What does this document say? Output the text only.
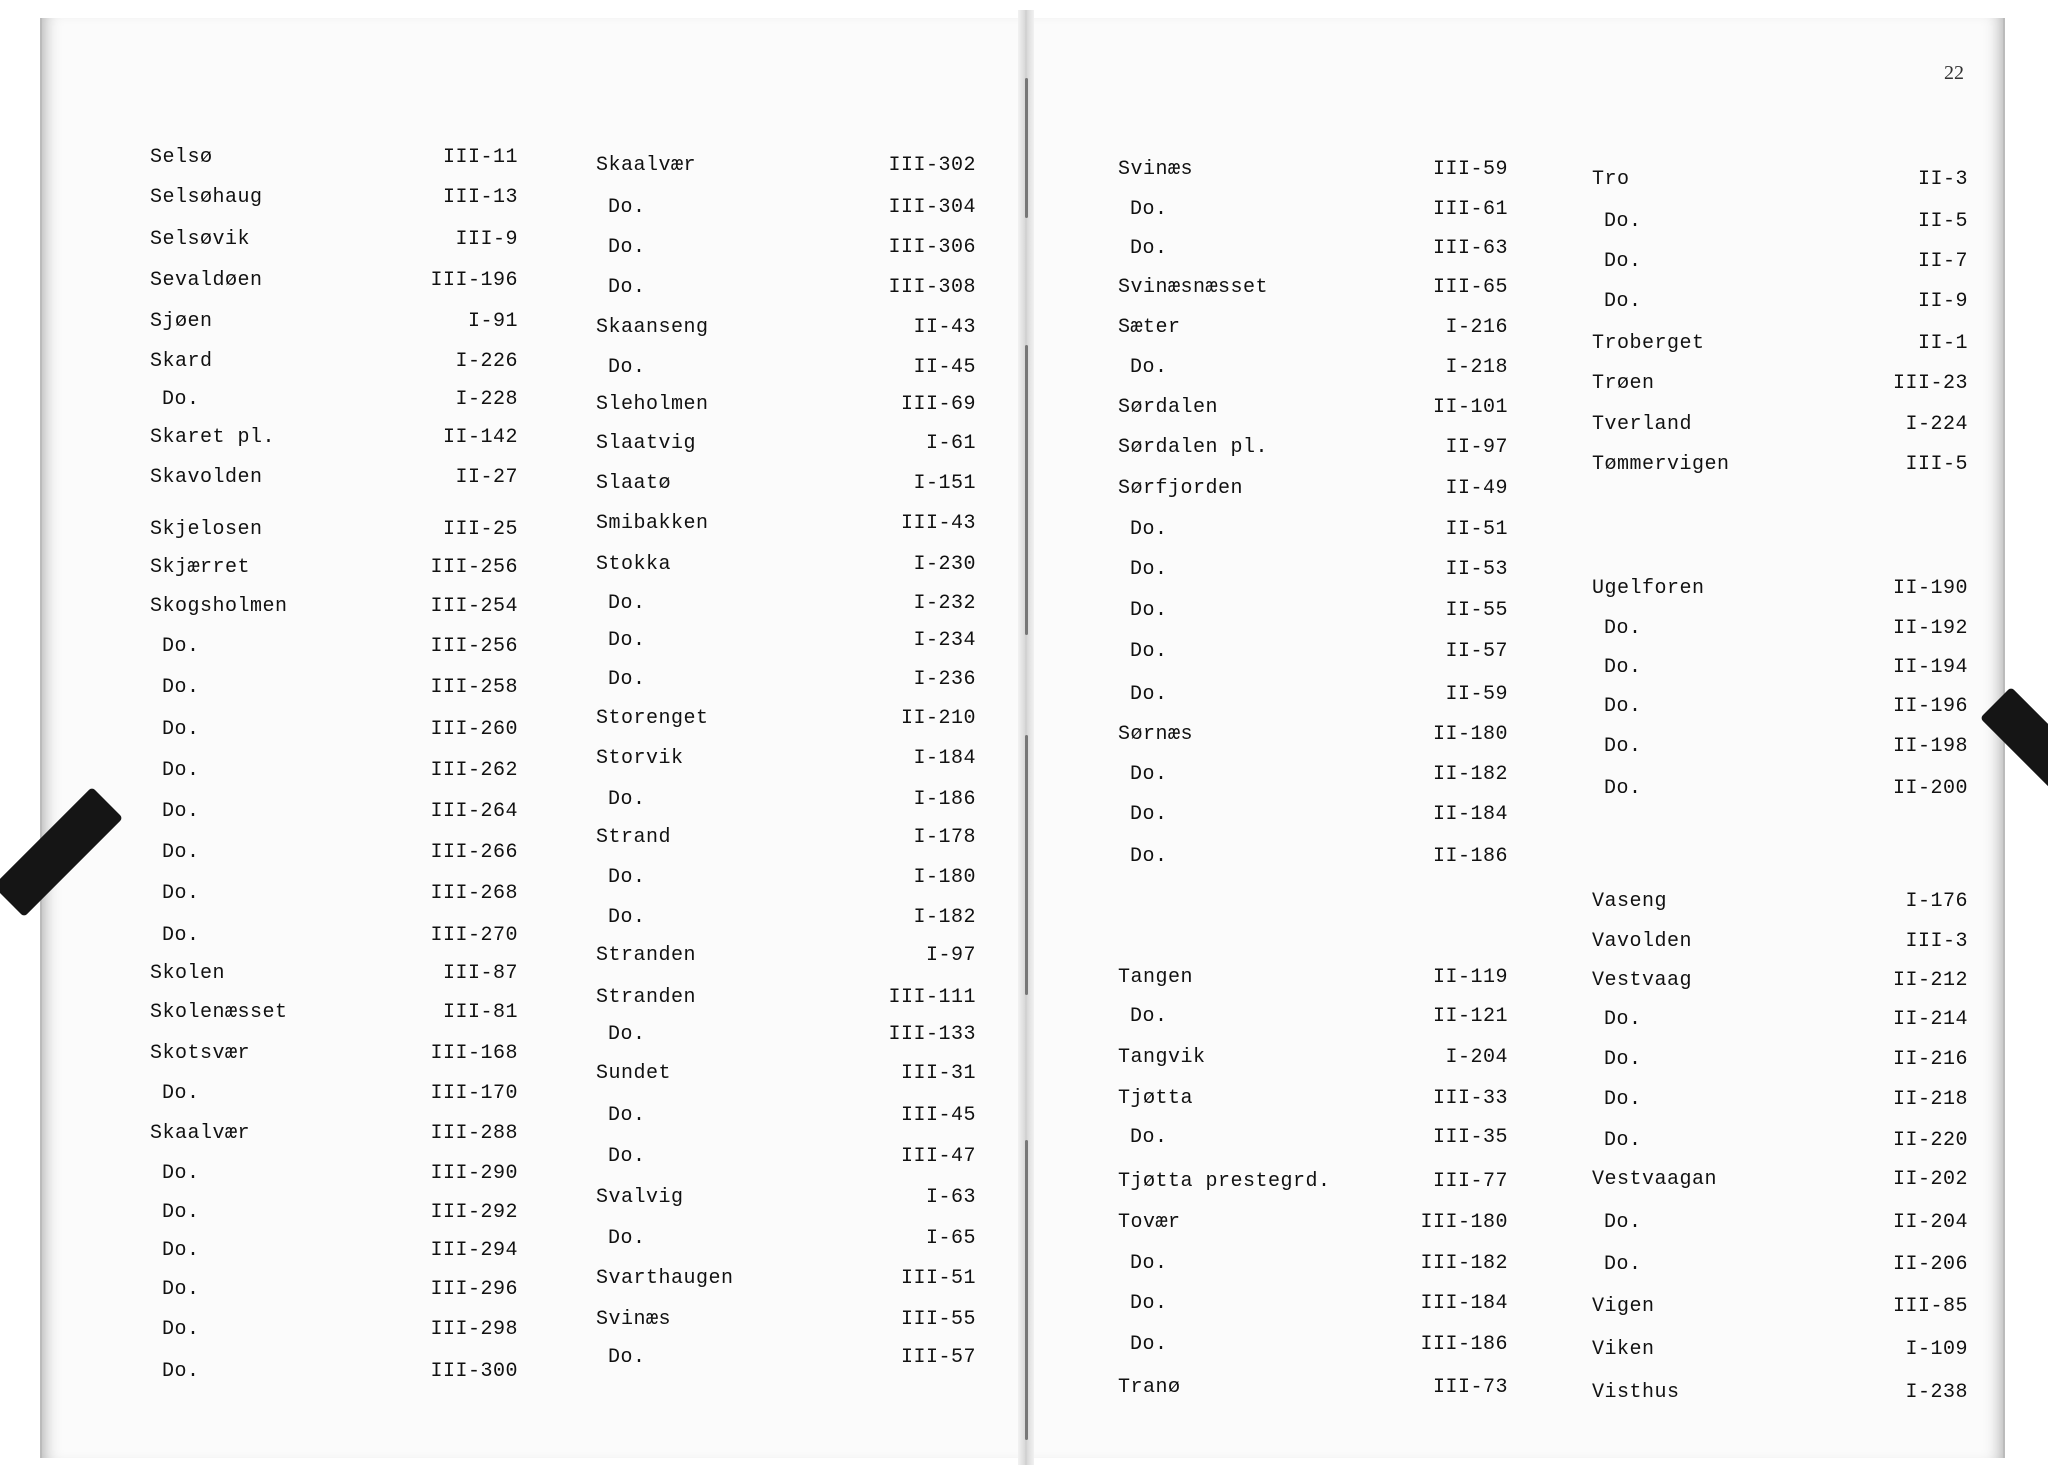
22
Selsø	III-11
Selsøhaug	III-13
Selsøvik	III-9
Sevaldøen	III-196
Sjøen	I-91
Skard	I-226
Do.	I-228
Skaret pl.	II-142
Skavolden	II-27
Skjelosen	III-25
Skjærret	III-256
Skogsholmen	III-254
Do.	III-256
Do.	III-258
Do.	III-260
Do.	III-262
Do.	III-264
Do.	III-266
Do.	III-268
Do.	III-270
Skolen	III-87
Skolenæsset	III-81
Skotsvær	III-168
Do.	III-170
Skaalvær	III-288
Do.	III-290
Do.	III-292
Do.	III-294
Do.	III-296
Do.	III-298
Do.	III-300
Skaalvær	III-302
Do.	III-304
Do.	III-306
Do.	III-308
Skaanseng	II-43
Do.	II-45
Sleholmen	III-69
Slaatvig	I-61
Slaatø	I-151
Smibakken	III-43
Stokka	I-230
Do.	I-232
Do.	I-234
Do.	I-236
Storenget	II-210
Storvik	I-184
Do.	I-186
Strand	I-178
Do.	I-180
Do.	I-182
Stranden	I-97
Stranden	III-111
Do.	III-133
Sundet	III-31
Do.	III-45
Do.	III-47
Svalvig	I-63
Do.	I-65
Svarthaugen	III-51
Svinæs	III-55
Do.	III-57
Svinæs	III-59
Do.	III-61
Do.	III-63
Svinæsnæsset	III-65
Sæter	I-216
Do.	I-218
Sørdalen	II-101
Sørdalen pl.	II-97
Sørfjorden	II-49
Do.	II-51
Do.	II-53
Do.	II-55
Do.	II-57
Do.	II-59
Sørnæs	II-180
Do.	II-182
Do.	II-184
Do.	II-186
Tangen	II-119
Do.	II-121
Tangvik	I-204
Tjøtta	III-33
Do.	III-35
Tjøtta prestegrd.	III-77
Tovær	III-180
Do.	III-182
Do.	III-184
Do.	III-186
Tranø	III-73
Tro	II-3
Do.	II-5
Do.	II-7
Do.	II-9
Troberget	II-1
Trøen	III-23
Tverland	I-224
Tømmervigen	III-5
Ugelforen	II-190
Do.	II-192
Do.	II-194
Do.	II-196
Do.	II-198
Do.	II-200
Vaseng	I-176
Vavolden	III-3
Vestvaag	II-212
Do.	II-214
Do.	II-216
Do.	II-218
Do.	II-220
Vestvaagan	II-202
Do.	II-204
Do.	II-206
Vigen	III-85
Viken	I-109
Visthus	I-238
